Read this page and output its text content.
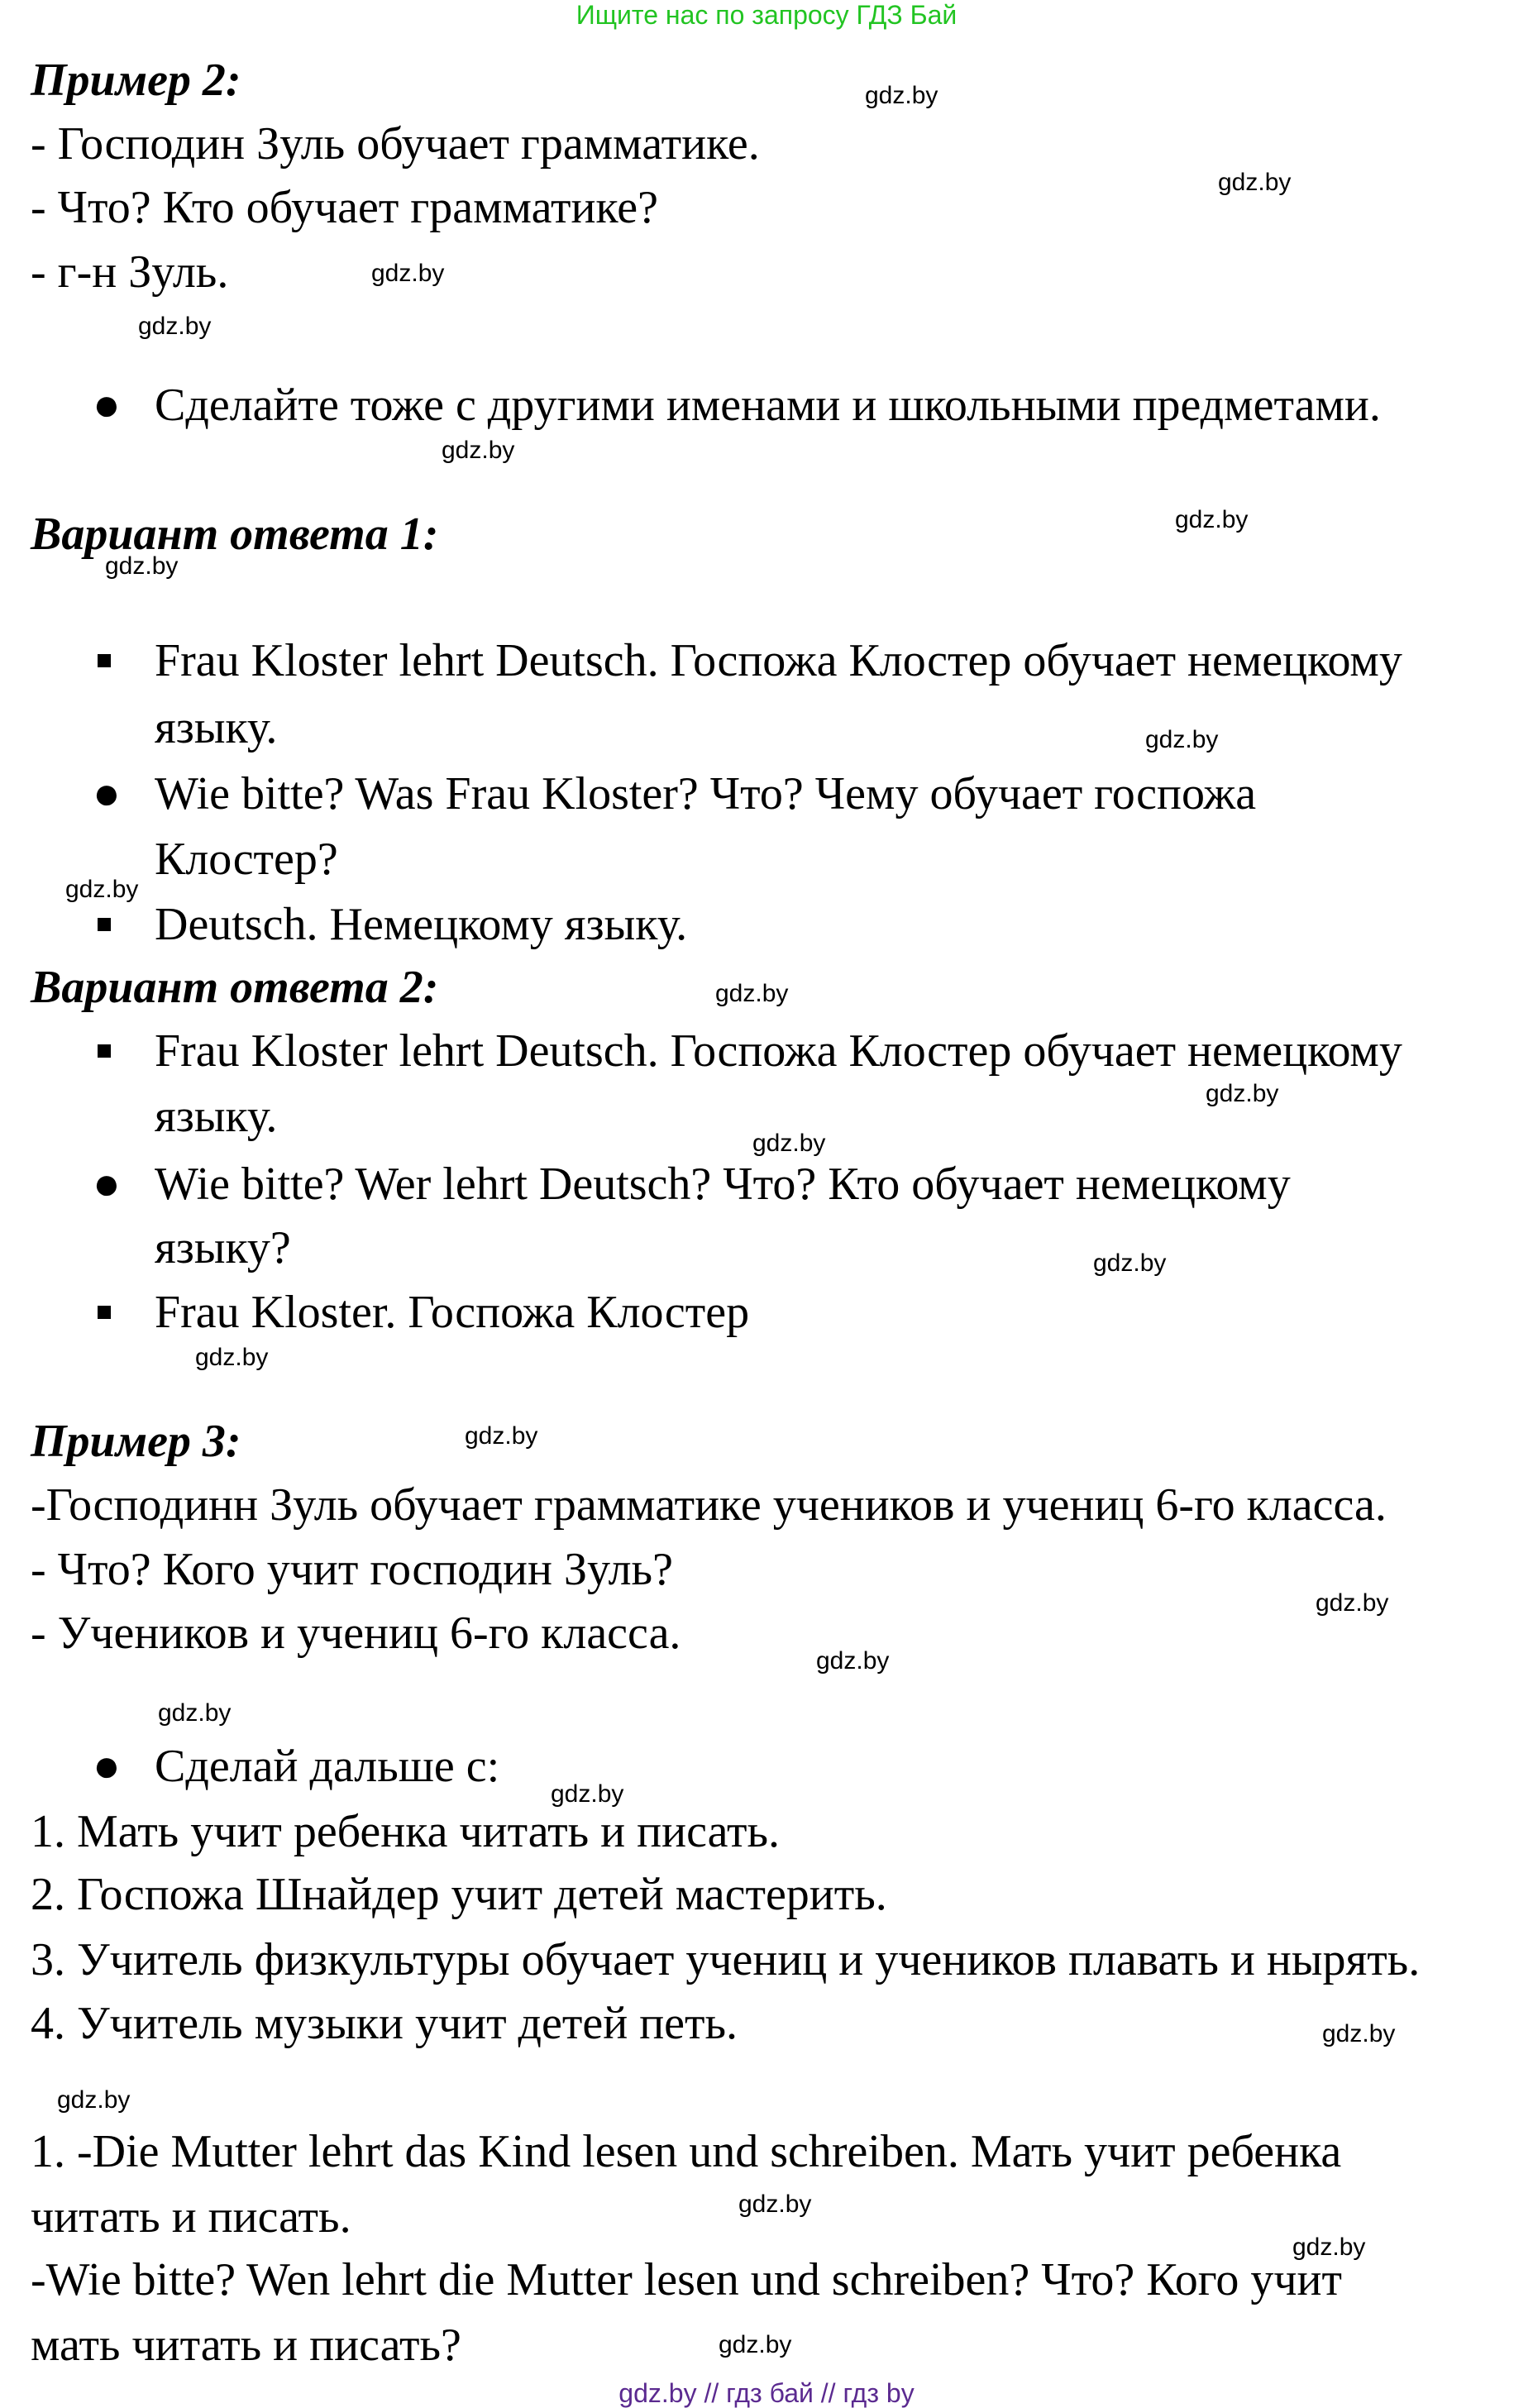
Ищите нас по запросу ГДЗ Бай
Пример 2:
- Господин Зуль обучает грамматике.
- Что? Кто обучает грамматике?
- г-н Зуль.
● Сделайте тоже с другими именами и школьными предметами.
Вариант ответа 1:
Frau Kloster lehrt Deutsch. Госпожа Клостер обучает немецкому
языку.
● Wie bitte? Was Frau Kloster? Что? Чему обучает госпожа
Клостер?
Deutsch. Немецкому языку.
Вариант ответа 2:
Frau Kloster lehrt Deutsch. Госпожа Клостер обучает немецкому
языку.
● Wie bitte? Wer lehrt Deutsch? Что? Кто обучает немецкому
языку?
Frau Kloster. Госпожа Клостер
Пример 3:
-Господинн Зуль обучает грамматике учеников и учениц 6-го класса.
- Что? Кого учит господин Зуль?
- Учеников и учениц 6-го класса.
● Сделай дальше с:
1. Мать учит ребенка читать и писать.
2. Госпожа Шнайдер учит детей мастерить.
3. Учитель физкультуры обучает учениц и учеников плавать и нырять.
4. Учитель музыки учит детей петь.
1. -Die Mutter lehrt das Kind lesen und schreiben. Мать учит ребенка
читать и писать.
-Wie bitte? Wen lehrt die Mutter lesen und schreiben? Что? Кого учит
мать читать и писать?
gdz.by
gdz.by
gdz.by
gdz.by
gdz.by
gdz.by
gdz.by
gdz.by
gdz.by
gdz.by
gdz.by
gdz.by
gdz.by
gdz.by
gdz.by
gdz.by
gdz.by
gdz.by
gdz.by
gdz.by
gdz.by
gdz.by
gdz.by
gdz.by
gdz.by // гдз бай // гдз by
